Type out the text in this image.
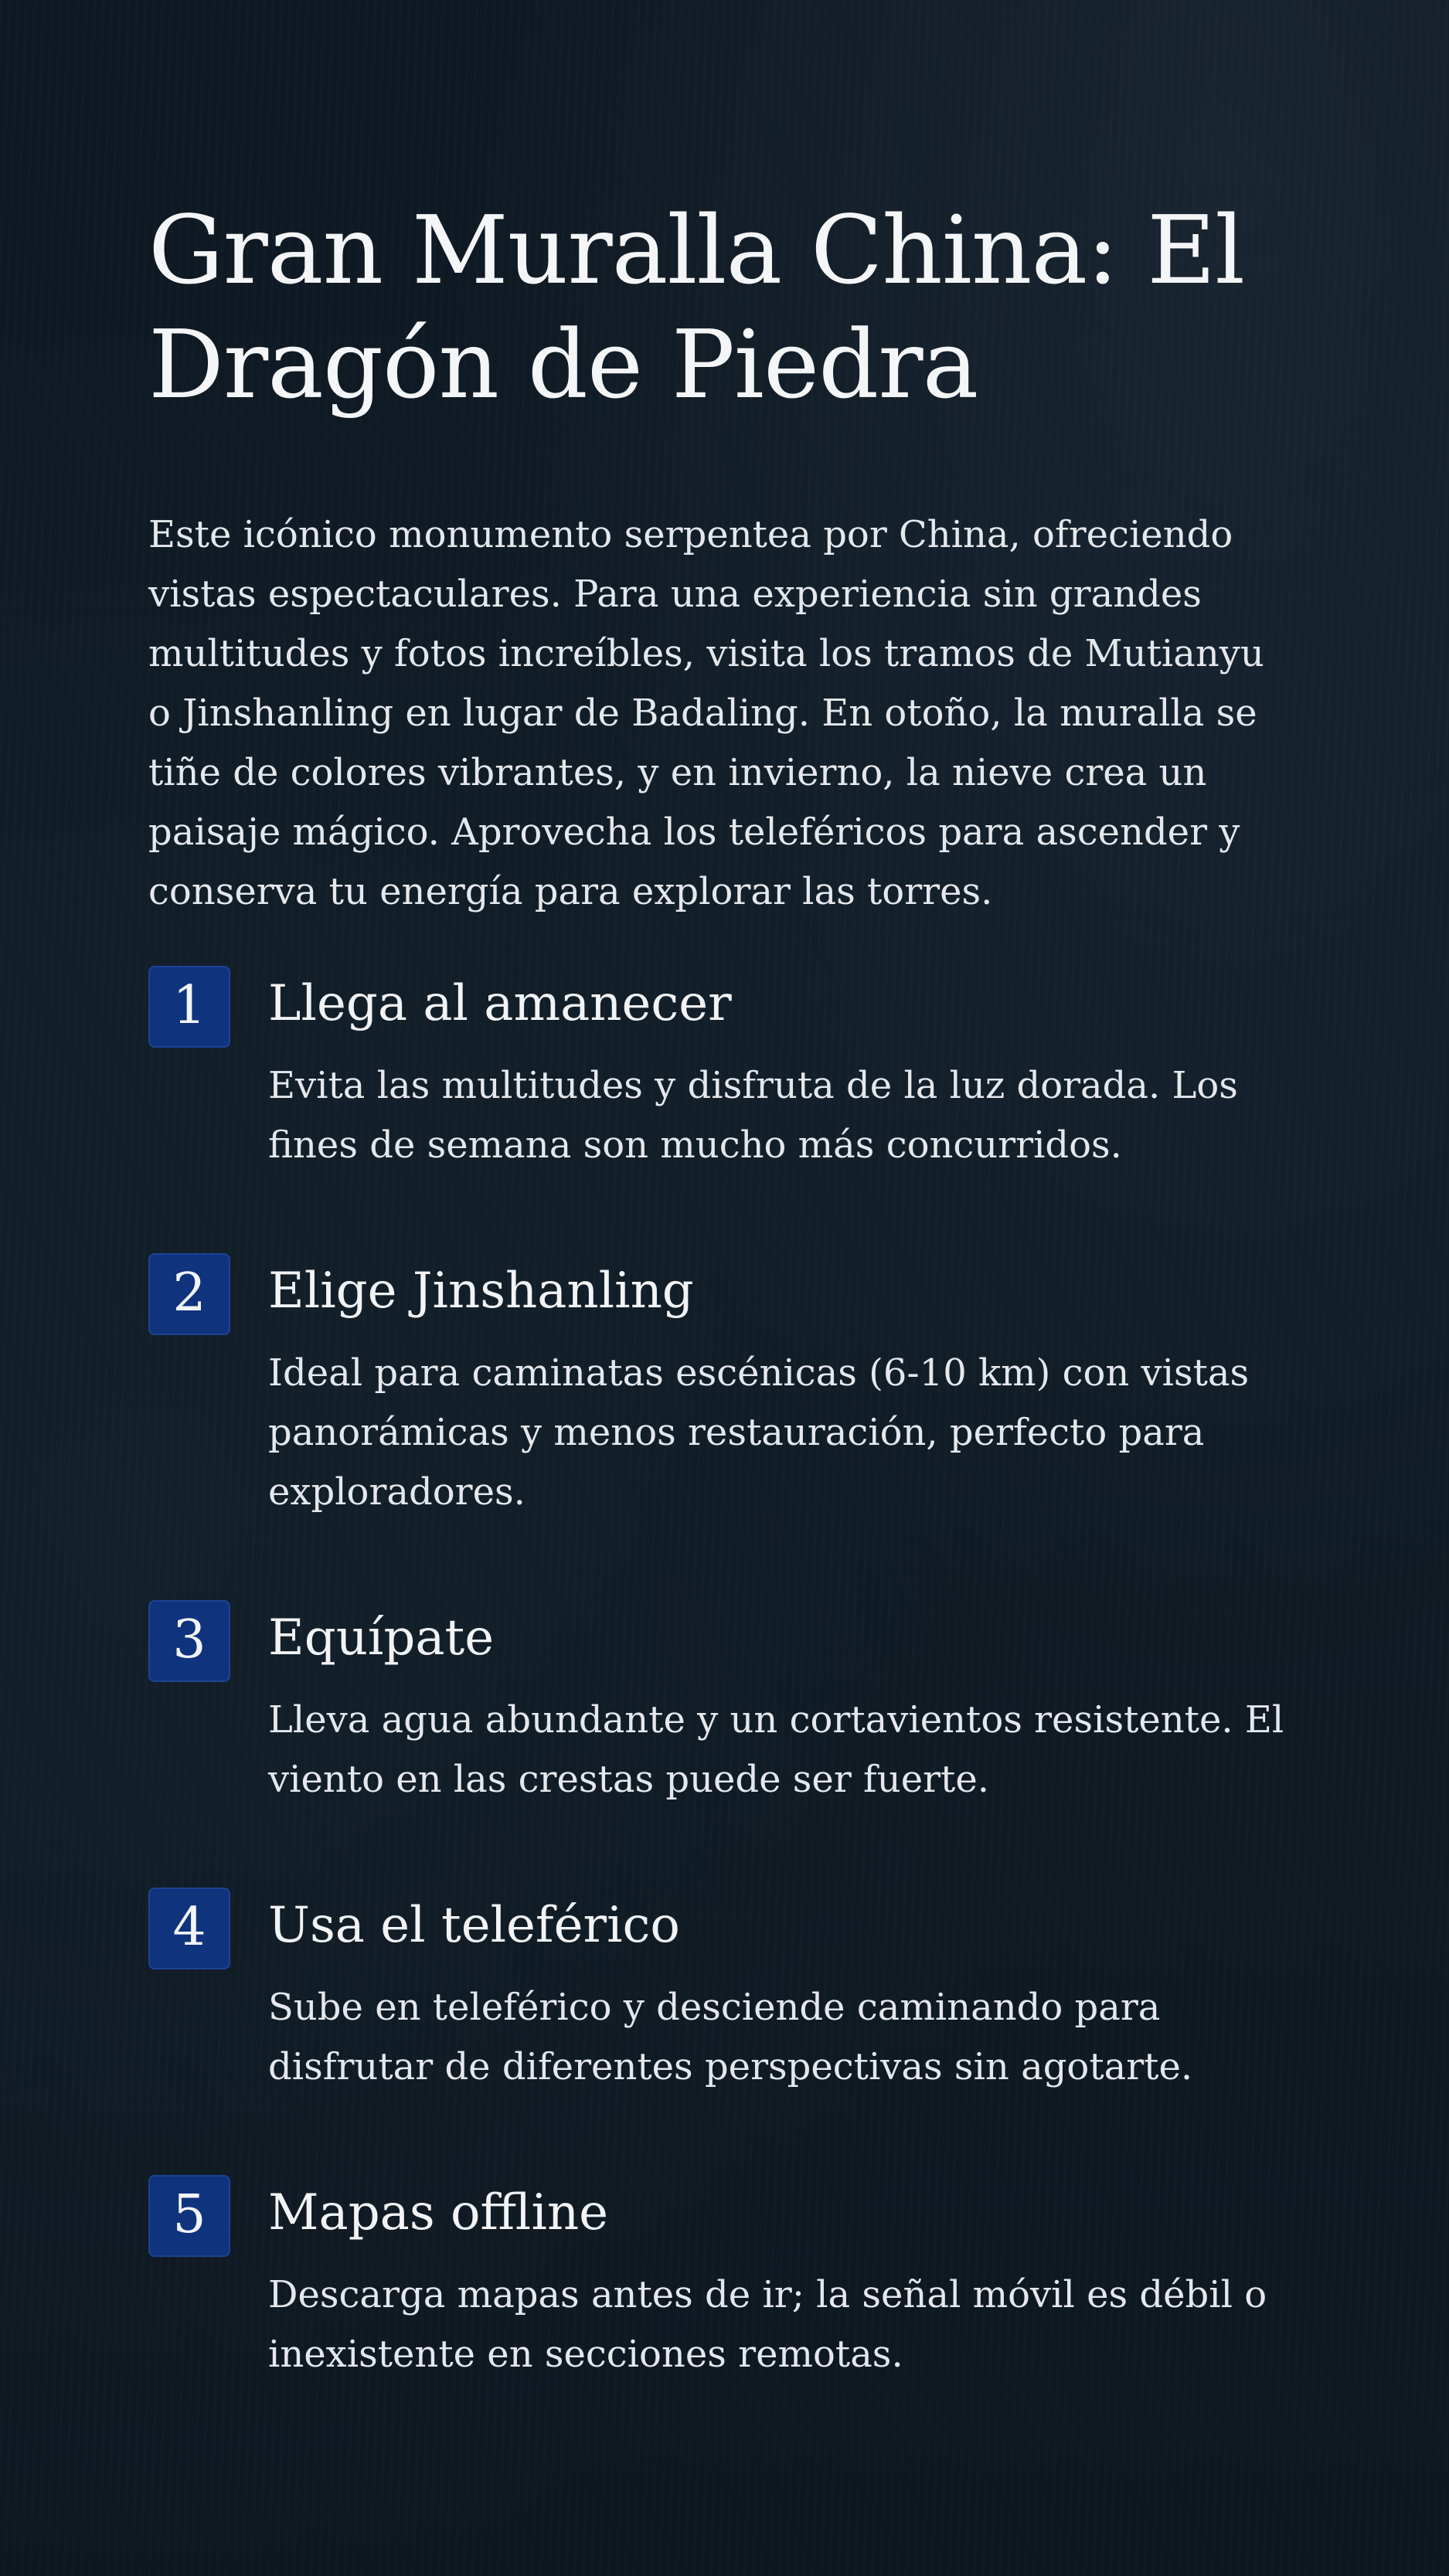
Gran Muralla China: El Dragón de Piedra

Este icónico monumento serpentea por China, ofreciendo vistas espectaculares. Para una experiencia sin grandes multitudes y fotos increíbles, visita los tramos de Mutianyu o Jinshanling en lugar de Badaling. En otoño, la muralla se tiñe de colores vibrantes, y en invierno, la nieve crea un paisaje mágico. Aprovecha los teleféricos para ascender y conserva tu energía para explorar las torres.

1	Llega al amanecer

Evita las multitudes y disfruta de la luz dorada. Los fines de semana son mucho más concurridos.

2	Elige Jinshanling

Ideal para caminatas escénicas (6-10 km) con vistas panorámicas y menos restauración, perfecto para exploradores.

3	Equípate

Lleva agua abundante y un cortavientos resistente. El viento en las crestas puede ser fuerte.

4	Usa el teleférico

Sube en teleférico y desciende caminando para disfrutar de diferentes perspectivas sin agotarte.

5	Mapas offline

Descarga mapas antes de ir; la señal móvil es débil o inexistente en secciones remotas.
